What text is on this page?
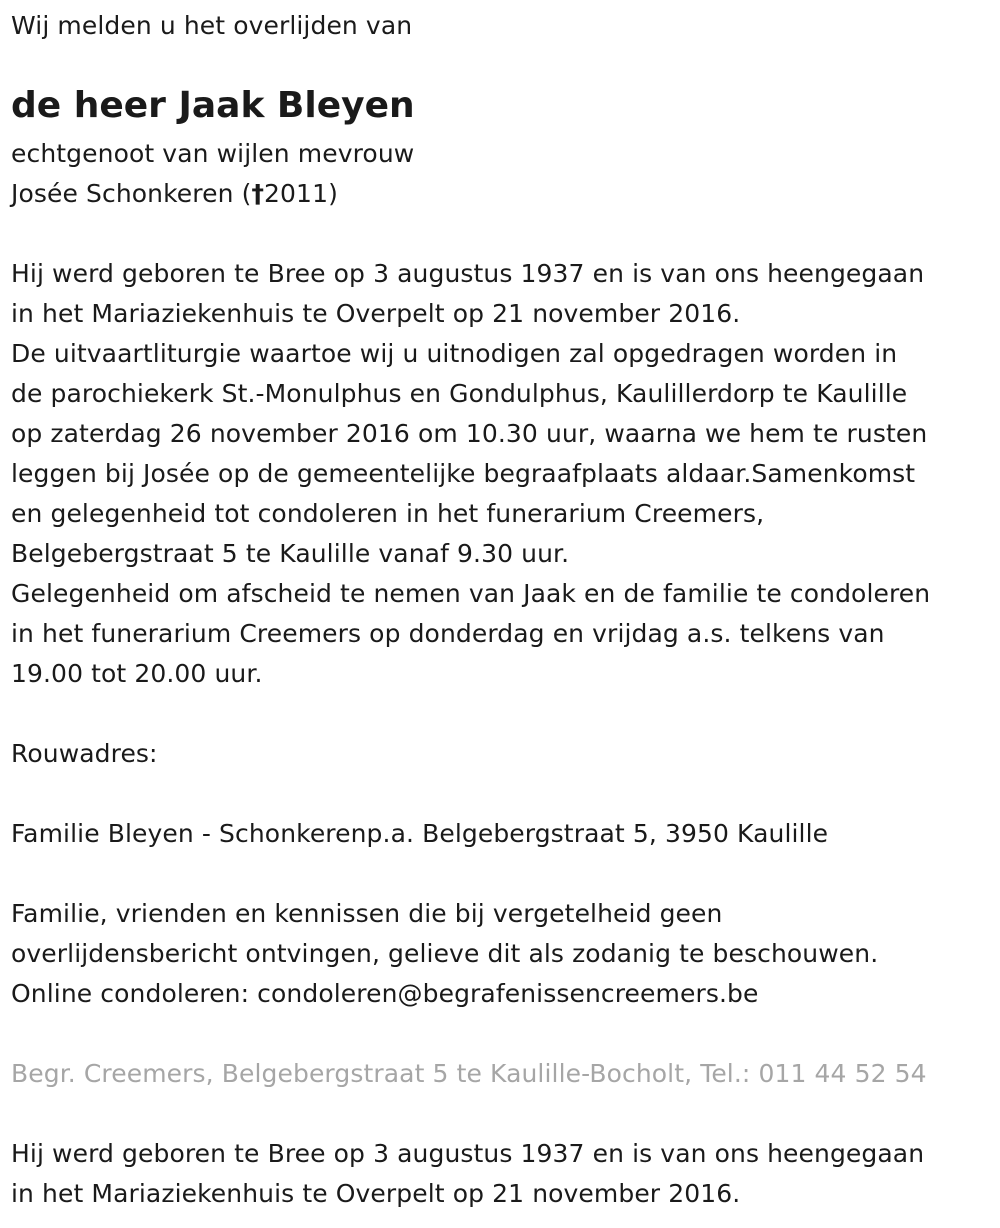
Wij melden u het overlijden van
de heer Jaak Bleyen
echtgenoot van wijlen mevrouw
Josée Schonkeren (†2011)
Hij werd geboren te Bree op 3 augustus 1937 en is van ons heengegaan
in het Mariaziekenhuis te Overpelt op 21 november 2016.
De uitvaartliturgie waartoe wij u uitnodigen zal opgedragen worden in
de parochiekerk St.-Monulphus en Gondulphus, Kaulillerdorp te Kaulille
op zaterdag 26 november 2016 om 10.30 uur, waarna we hem te rusten
leggen bij Josée op de gemeentelijke begraafplaats aldaar.Samenkomst
en gelegenheid tot condoleren in het funerarium Creemers,
Belgebergstraat 5 te Kaulille vanaf 9.30 uur.
Gelegenheid om afscheid te nemen van Jaak en de familie te condoleren
in het funerarium Creemers op donderdag en vrijdag a.s. telkens van
19.00 tot 20.00 uur.
Rouwadres:
Familie Bleyen - Schonkerenp.a. Belgebergstraat 5, 3950 Kaulille
Familie, vrienden en kennissen die bij vergetelheid geen
overlijdensbericht ontvingen, gelieve dit als zodanig te beschouwen.
Online condoleren: condoleren@begrafenissencreemers.be
Begr. Creemers, Belgebergstraat 5 te Kaulille-Bocholt, Tel.: 011 44 52 54
Hij werd geboren te Bree op 3 augustus 1937 en is van ons heengegaan
in het Mariaziekenhuis te Overpelt op 21 november 2016.
